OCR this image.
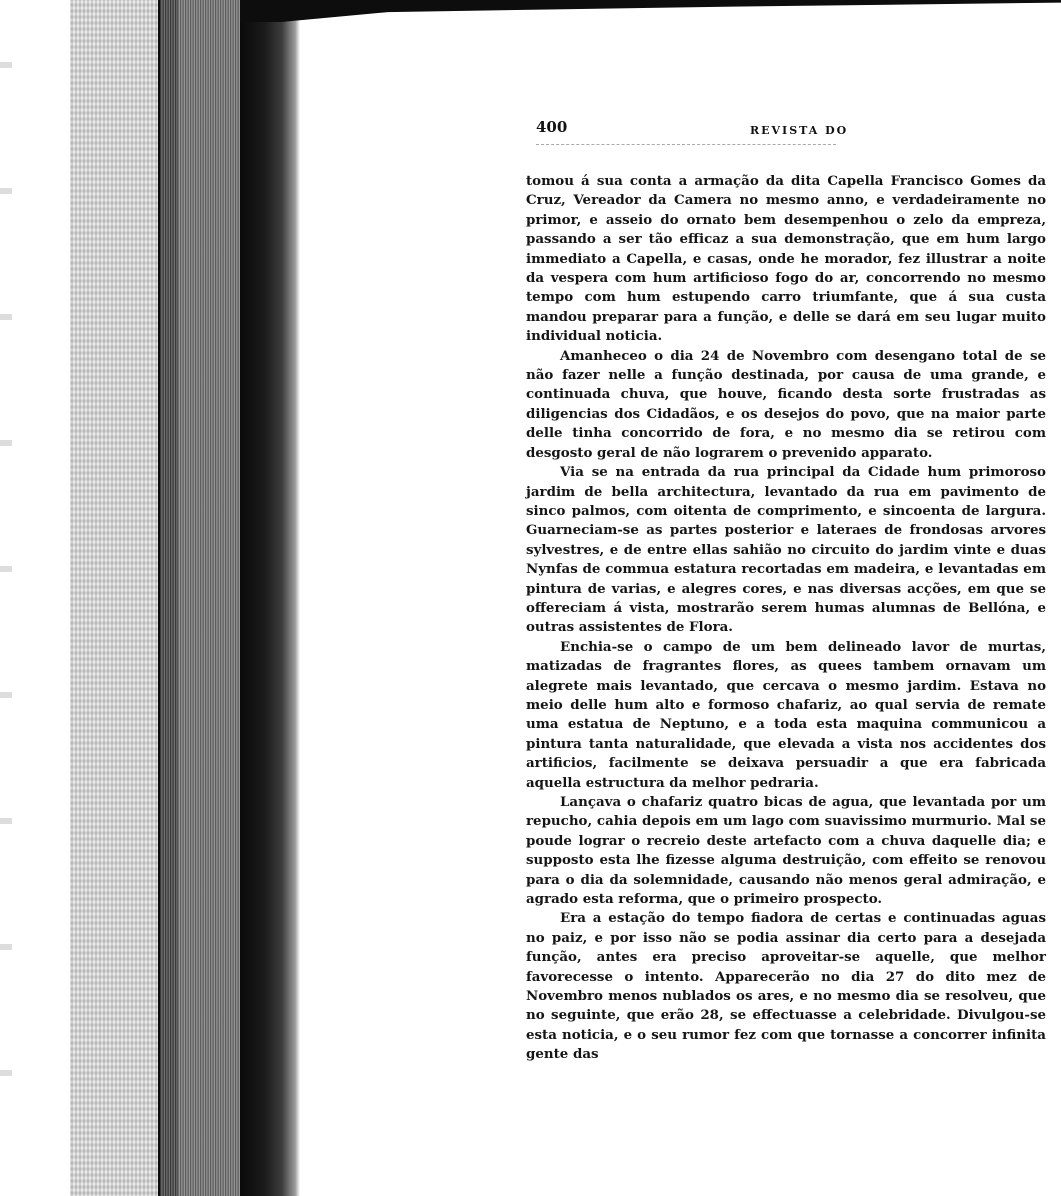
400	REVISTA DO

tomou á sua conta a armação da dita Capella Francisco Gomes da Cruz, Vereador da Camera no mesmo anno, e verdadeiramente no primor, e asseio do ornato bem desempenhou o zelo da empreza, passando a ser tão efficaz a sua demonstração, que em hum largo immediato a Capella, e casas, onde he morador, fez illustrar a noite da vespera com hum artificioso fogo do ar, concorrendo no mesmo tempo com hum estupendo carro triumfante, que á sua custa mandou preparar para a função, e delle se dará em seu lugar muito individual noticia.

Amanheceo o dia 24 de Novembro com desengano total de se não fazer nelle a função destinada, por causa de uma grande, e continuada chuva, que houve, ficando desta sorte frustradas as diligencias dos Cidadãos, e os desejos do povo, que na maior parte delle tinha concorrido de fora, e no mesmo dia se retirou com desgosto geral de não lograrem o prevenido apparato.

Via se na entrada da rua principal da Cidade hum primoroso jardim de bella architectura, levantado da rua em pavimento de sinco palmos, com oitenta de comprimento, e sincoenta de largura. Guarneciam-se as partes posterior e lateraes de frondosas arvores sylvestres, e de entre ellas sahião no circuito do jardim vinte e duas Nynfas de commua estatura recortadas em madeira, e levantadas em pintura de varias, e alegres cores, e nas diversas acções, em que se offereciam á vista, mostrarão serem humas alumnas de Bellóna, e outras assistentes de Flora.

Enchia-se o campo de um bem delineado lavor de murtas, matizadas de fragrantes flores, as quees tambem ornavam um alegrete mais levantado, que cercava o mesmo jardim. Estava no meio delle hum alto e formoso chafariz, ao qual servia de remate uma estatua de Neptuno, e a toda esta maquina communicou a pintura tanta naturalidade, que elevada a vista nos accidentes dos artificios, facilmente se deixava persuadir a que era fabricada aquella estructura da melhor pedraria.

Lançava o chafariz quatro bicas de agua, que levantada por um repucho, cahia depois em um lago com suavissimo murmurio. Mal se poude lograr o recreio deste artefacto com a chuva daquelle dia; e supposto esta lhe fizesse alguma destruição, com effeito se renovou para o dia da solemnidade, causando não menos geral admiração, e agrado esta reforma, que o primeiro prospecto.

Era a estação do tempo fiadora de certas e continuadas aguas no paiz, e por isso não se podia assinar dia certo para a desejada função, antes era preciso aproveitar-se aquelle, que melhor favorecesse o intento. Apparecerão no dia 27 do dito mez de Novembro menos nublados os ares, e no mesmo dia se resolveu, que no seguinte, que erão 28, se effectuasse a celebridade. Divulgou-se esta noticia, e o seu rumor fez com que tornasse a concorrer infinita gente das
